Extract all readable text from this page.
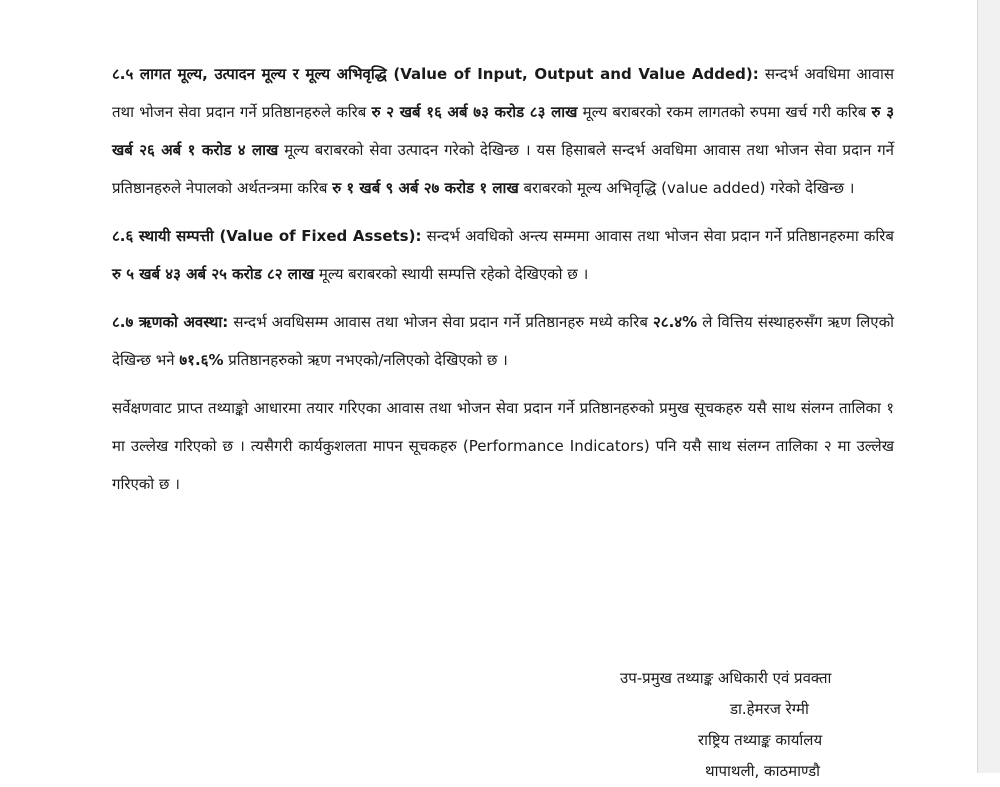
८.५ लागत मूल्य, उत्पादन मूल्य र मूल्य अभिवृद्धि (Value of Input, Output and Value Added): सन्दर्भ अवधिमा आवास तथा भोजन सेवा प्रदान गर्ने प्रतिष्ठानहरुले करिब रु २ खर्ब १६ अर्ब ७३ करोड ८३ लाख मूल्य बराबरको रकम लागतको रुपमा खर्च गरी करिब रु ३ खर्ब २६ अर्ब १ करोड ४ लाख मूल्य बराबरको सेवा उत्पादन गरेको देखिन्छ । यस हिसाबले सन्दर्भ अवधिमा आवास तथा भोजन सेवा प्रदान गर्ने प्रतिष्ठानहरुले नेपालको अर्थतन्त्रमा करिब रु १ खर्ब ९ अर्ब २७ करोड १ लाख बराबरको मूल्य अभिवृद्धि (value added) गरेको देखिन्छ ।

८.६ स्थायी सम्पत्ती (Value of Fixed Assets): सन्दर्भ अवधिको अन्त्य सम्ममा आवास तथा भोजन सेवा प्रदान गर्ने प्रतिष्ठानहरुमा करिब रु ५ खर्ब ४३ अर्ब २५ करोड ८२ लाख मूल्य बराबरको स्थायी सम्पत्ति रहेको देखिएको छ ।

८.७ ऋणको अवस्था: सन्दर्भ अवधिसम्म आवास तथा भोजन सेवा प्रदान गर्ने प्रतिष्ठानहरु मध्ये करिब २८.४% ले वित्तिय संस्थाहरुसँग ऋण लिएको देखिन्छ भने ७१.६% प्रतिष्ठानहरुको ऋण नभएको/नलिएको देखिएको छ ।

सर्वेक्षणवाट प्राप्त तथ्याङ्को आधारमा तयार गरिएका आवास तथा भोजन सेवा प्रदान गर्ने प्रतिष्ठानहरुको प्रमुख सूचकहरु यसै साथ संलग्न तालिका १ मा उल्लेख गरिएको छ । त्यसैगरी कार्यकुशलता मापन सूचकहरु (Performance Indicators) पनि यसै साथ संलग्न तालिका २ मा उल्लेख गरिएको छ ।

उप-प्रमुख तथ्याङ्क अधिकारी एवं प्रवक्ता
डा.हेमरज रेग्मी
राष्ट्रिय तथ्याङ्क कार्यालय
थापाथली, काठमाण्डौ
